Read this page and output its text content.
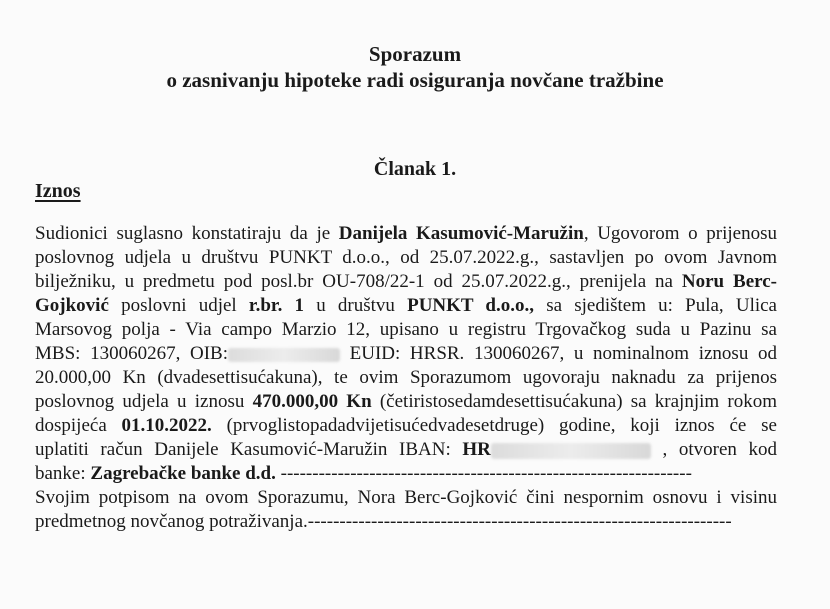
Sporazum
o zasnivanju hipoteke radi osiguranja novčane tražbine
Članak 1.
Iznos
Sudionici suglasno konstatiraju da je Danijela Kasumović-Maružin, Ugovorom o prijenosu
poslovnog udjela u društvu PUNKT d.o.o., od 25.07.2022.g., sastavljen po ovom Javnom
bilježniku, u predmetu pod posl.br OU-708/22-1 od 25.07.2022.g., prenijela na Noru Berc-
Gojković poslovni udjel r.br. 1 u društvu PUNKT d.o.o., sa sjedištem u: Pula, Ulica
Marsovog polja - Via campo Marzio 12, upisano u registru Trgovačkog suda u Pazinu sa
MBS: 130060267, OIB:	EUID: HRSR. 130060267, u nominalnom iznosu od
20.000,00 Kn (dvadesettisućakuna), te ovim Sporazumom ugovoraju naknadu za prijenos
poslovnog udjela u iznosu 470.000,00 Kn (četiristosedamdesettisućakuna) sa krajnjim rokom
dospijeća 01.10.2022. (prvoglistopadadvijetisućedvadesetdruge) godine, koji iznos će se
uplatiti račun Danijele Kasumović-Maružin IBAN: HR	, otvoren kod
banke: Zagrebačke banke d.d. -----------------------------------------------------------------
Svojim potpisom na ovom Sporazumu, Nora Berc-Gojković čini nespornim osnovu i visinu
predmetnog novčanog potraživanja.-------------------------------------------------------------------
